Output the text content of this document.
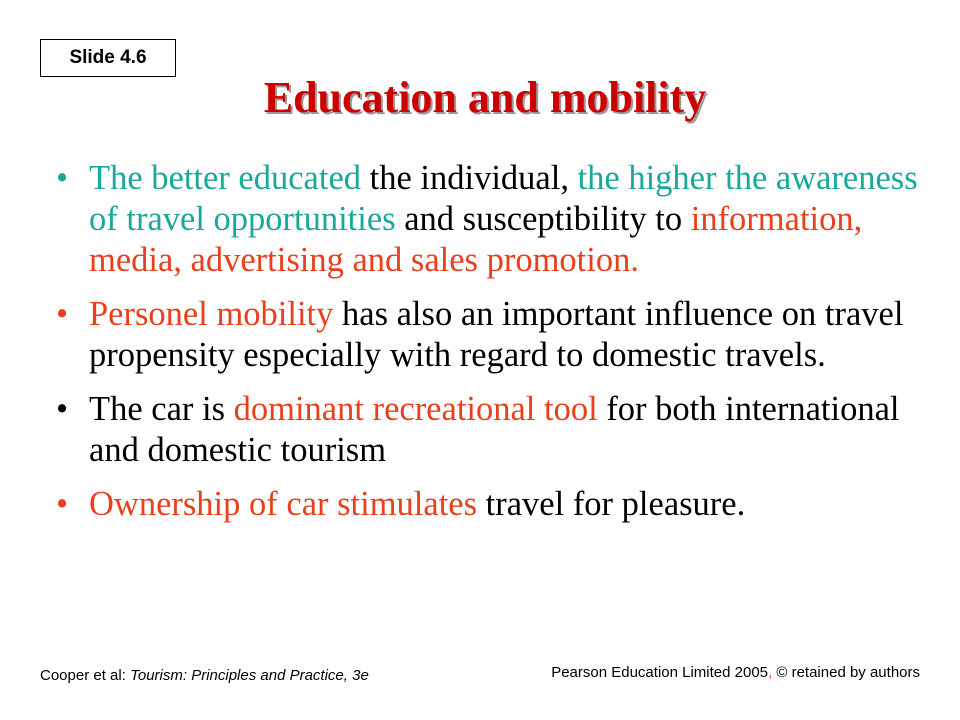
Slide 4.6
Education and mobility
• The better educated the individual, the higher the awareness of travel opportunities and susceptibility to information, media, advertising and sales promotion.
• Personel mobility has also an important influence on travel propensity especially with regard to domestic travels.
• The car is dominant recreational tool for both international and domestic tourism
• Ownership of car stimulates travel for pleasure.
Cooper et al: Tourism: Principles and Practice, 3e	Pearson Education Limited 2005, © retained by authors
